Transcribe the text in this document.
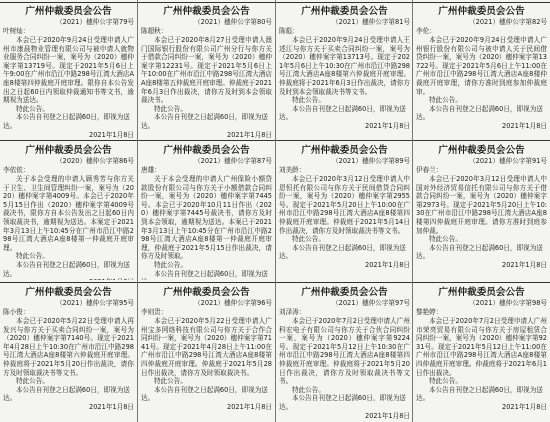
广州仲裁委员会公告
（2021）穗仲公字第79号
叶树灿：

本会已于2020年9月24日受理申请人广州市康晨物业管理有限公司与被申请人就物业服务合同纠纷一案，案号为（2020）穗仲案字第13719号。现定于2021年5月6日上午9:00在广州市沿江中路298号江湾大酒店A座8楼第四仲裁庭开庭审理。限你自本公告发出之日起60日内领取仲裁通知书等文书，逾期视为送达。

特此公告。

本公告自刊登之日起满60日，即视为送达。

2021年1月8日

广州仲裁委员会公告
（2021）穗仲公字第80号
陈超秋：

本会已于2020年8月27日受理申请人澳门国际银行股份有限公司广州分行与你方关于借款合同纠纷一案，案号为（2020）穗仲案字第12231号。现定于2021年5月6日上午10:00在广州市沿江中路298号江湾大酒店A座8楼第五仲裁庭开庭审理。仲裁庭于2021年6月3日作出裁决，请你方及时到本会领取裁决书。

特此公告。

本公告自刊登之日起满60日，即视为送达。

2021年1月8日

广州仲裁委员会公告
（2021）穗仲公字第81号
陈彪：

本会已于2020年9月24日受理申请人王述江与你方关于买卖合同纠纷一案，案号为（2020）穗仲案字第13713号。现定于2021年5月6日上午10:30在广州市沿江中路298号江湾大酒店A座8楼第六仲裁庭开庭审理。仲裁庭将于2021年6月3日作出裁决，请你方及时到本会领取裁决书等文书。

特此公告。

本公告自刊登之日起满60日，即视为送达。

2021年1月8日

广州仲裁委员会公告
（2021）穗仲公字第82号
李伦：

本会已于2020年9月24日受理申请人广州银行股份有限公司与被申请人关于民间借贷纠纷一案，案号为（2020）穗仲案字第13722号。现定于2021年5月6日上午11:00在广州市沿江中路298号江湾大酒店A座8楼仲裁庭开庭审理，请你方准时到庭参加仲裁庭审。

特此公告。

本公告自刊登之日起满60日，即视为送达。

2021年1月8日

广州仲裁委员会公告
（2020）穗仲公字第86号
李依依：

关于本会受理的申请人顾秀芳与你方关于卫生、卫生间管理纠纷一案，案号为（2020）穗仲案字第4009号。本会已于2020年5月15日作出（2020）穗仲案字第4009号裁决书，限你方自本公告发出之日起60日内领取裁决书，逾期视为送达。本案定于2021年3月13日上午10:45分在广州市沿江中路298号江湾大酒店A座8楼第一仲裁庭开庭审理。

特此公告。

本公告自刊登之日起满60日，即视为送达。

广州仲裁委员会公告
（2021）穗仲公字第87号
唐雄：

关于本会受理的申请人广州保险小额贷款股份有限公司与你方关于小额借款合同纠纷一案，案号为（2020）穗仲案字第7445号。本会已于2020年10月11日作出（2020）穗仲案字第7445号裁决书，请你方及时到本会领取，逾期视为送达。本案已于2021年3月13日上午10:45分在广州市沿江中路298号江湾大酒店A座8楼第一仲裁庭开庭审理，仲裁庭于2021年5月15日作出裁决，请你方及时领取。

特此公告。

本公告自刊登之日起满60日，即视为送

广州仲裁委员会公告
（2021）穗仲公字第89号
刘美龄：

本会已于2020年3月12日受理申请人中恩恒托有限公司与你方关于民间借贷合同纠纷一案，案号为（2020）穗仲案字第2955号。现定于2021年5月20日上午10:00在广州市沿江中路298号江湾大酒店A座8楼第四仲裁庭开庭审理。仲裁庭于2021年5月14日作出裁决，请你方及时领取裁决书等文书。

特此公告。

本公告自刊登之日起满60日，即视为送达。

2021年1月8日

广州仲裁委员会公告
（2021）穗仲公字第91号
伊春兰：

本会已于2020年3月12日受理申请人中国对外经济贸易信托有限公司与你方关于借款合同纠纷一案，案号为（2020）穗仲案字第2973号。现定于2021年5月20日上午10:30在广州市沿江中路298号江湾大酒店A座8楼第四仲裁庭开庭审理。请你方准时到庭参加仲裁。

特此公告。

本公告自刊登之日起满60日，即视为送达。

2021年1月8日

广州仲裁委员会公告
（2021）穗仲公字第95号
陈小俊：

本会已于2020年5月22日受理申请人再发兴与你方关于买卖合同纠纷一案，案号为（2020）穗仲案字第7140号。现定于2021年4月28日上午10:30在广州市沿江中路298号江湾大酒店A座8楼第六仲裁庭开庭审理。仲裁庭将于2021年5月20日作出裁决，请你方及时领取裁决书等文书。

特此公告。

本公告自刊登之日起满60日，即视为送达。

2021年1月8日

广州仲裁委员会公告
（2021）穗仲公字第96号
李则贵：

本会已于2020年5月22日受理申请人广州宝多网络科技有限公司与你方关于合作合同纠纷一案，案号为（2020）穗仲案字第7141号。现定于2021年4月28日上午11:00在广州市沿江中路298号江湾大酒店A座8楼第四仲裁庭开庭审理。仲裁庭于2021年5月28日作出裁决，请你方及时领取裁决书。

特此公告。

本公告自刊登之日起满60日，即视为送达。

2021年1月8日

广州仲裁委员会公告
（2021）穗仲公字第97号
刘泽涛：

本会已于2020年7月2日受理申请人广州科宏电子有限公司与你方关于合伙合同纠纷一案，案号为（2020）穗仲案字第9224号。现定于2021年5月12日上午10:30在广州市沿江中路298号江湾大酒店A座8楼第四仲裁庭开庭审理。仲裁庭将于2021年5月20日作出裁决，请你方及时领取裁决书等文书。

特此公告。

本公告自刊登之日起满60日，即视为送达。

2021年1月8日

广州仲裁委员会公告
（2021）穗仲公字第98号
黎艳婷：

本会已于2020年7月2日受理申请人广州市荣亮贸易有限公司与你方关于房屋租赁合同纠纷一案，案号为（2020）穗仲案字第9231号。现定于2021年5月12日上午11:00在广州市沿江中路298号江湾大酒店A座8楼第四仲裁庭开庭审理。仲裁庭将于2021年6月1日作出裁决。

特此公告。

本公告自刊登之日起满60日，即视为送达。

2021年1月8日
